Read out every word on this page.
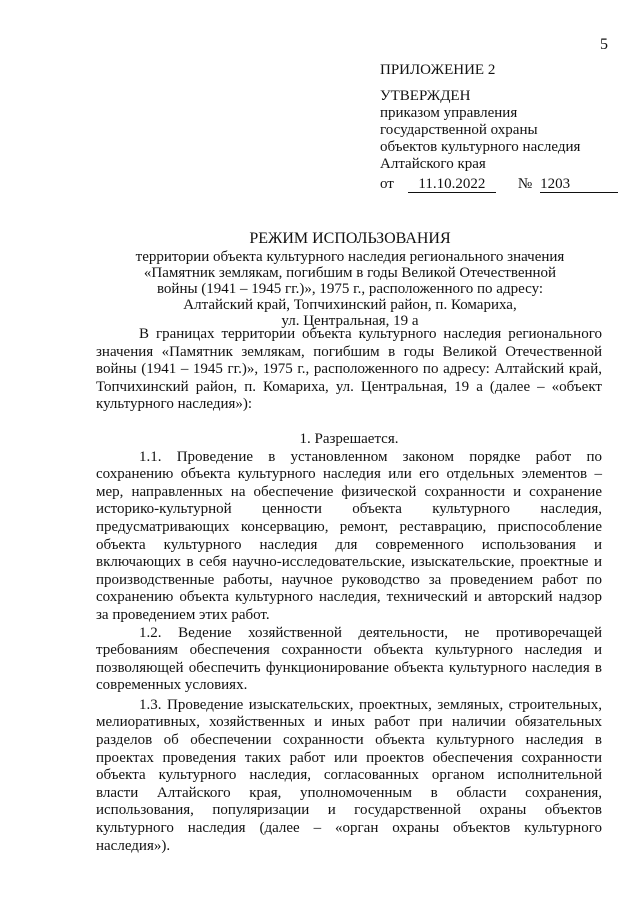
5
ПРИЛОЖЕНИЕ 2
УТВЕРЖДЕН
приказом управления
государственной охраны
объектов культурного наследия
Алтайского края
от	11.10.2022	№ 1203
РЕЖИМ ИСПОЛЬЗОВАНИЯ
территории объекта культурного наследия регионального значения
«Памятник землякам, погибшим в годы Великой Отечественной
войны (1941 – 1945 гг.)», 1975 г., расположенного по адресу:
Алтайский край, Топчихинский район, п. Комариха,
ул. Центральная, 19 а

В границах территории объекта культурного наследия регионального значения «Памятник землякам, погибшим в годы Великой Отечественной войны (1941 – 1945 гг.)», 1975 г., расположенного по адресу: Алтайский край, Топчихинский район, п. Комариха, ул. Центральная, 19 а (далее – «объект культурного наследия»):

1. Разрешается.

1.1. Проведение в установленном законом порядке работ по сохранению объекта культурного наследия или его отдельных элементов – мер, направленных на обеспечение физической сохранности и сохранение историко-культурной ценности объекта культурного наследия, предусматривающих консервацию, ремонт, реставрацию, приспособление объекта культурного наследия для современного использования и включающих в себя научно-исследовательские, изыскательские, проектные и производственные работы, научное руководство за проведением работ по сохранению объекта культурного наследия, технический и авторский надзор за проведением этих работ.

1.2. Ведение хозяйственной деятельности, не противоречащей требованиям обеспечения сохранности объекта культурного наследия и позволяющей обеспечить функционирование объекта культурного наследия в современных условиях.

1.3. Проведение изыскательских, проектных, земляных, строительных, мелиоративных, хозяйственных и иных работ при наличии обязательных разделов об обеспечении сохранности объекта культурного наследия в проектах проведения таких работ или проектов обеспечения сохранности объекта культурного наследия, согласованных органом исполнительной власти Алтайского края, уполномоченным в области сохранения, использования, популяризации и государственной охраны объектов культурного наследия (далее – «орган охраны объектов культурного наследия»).
